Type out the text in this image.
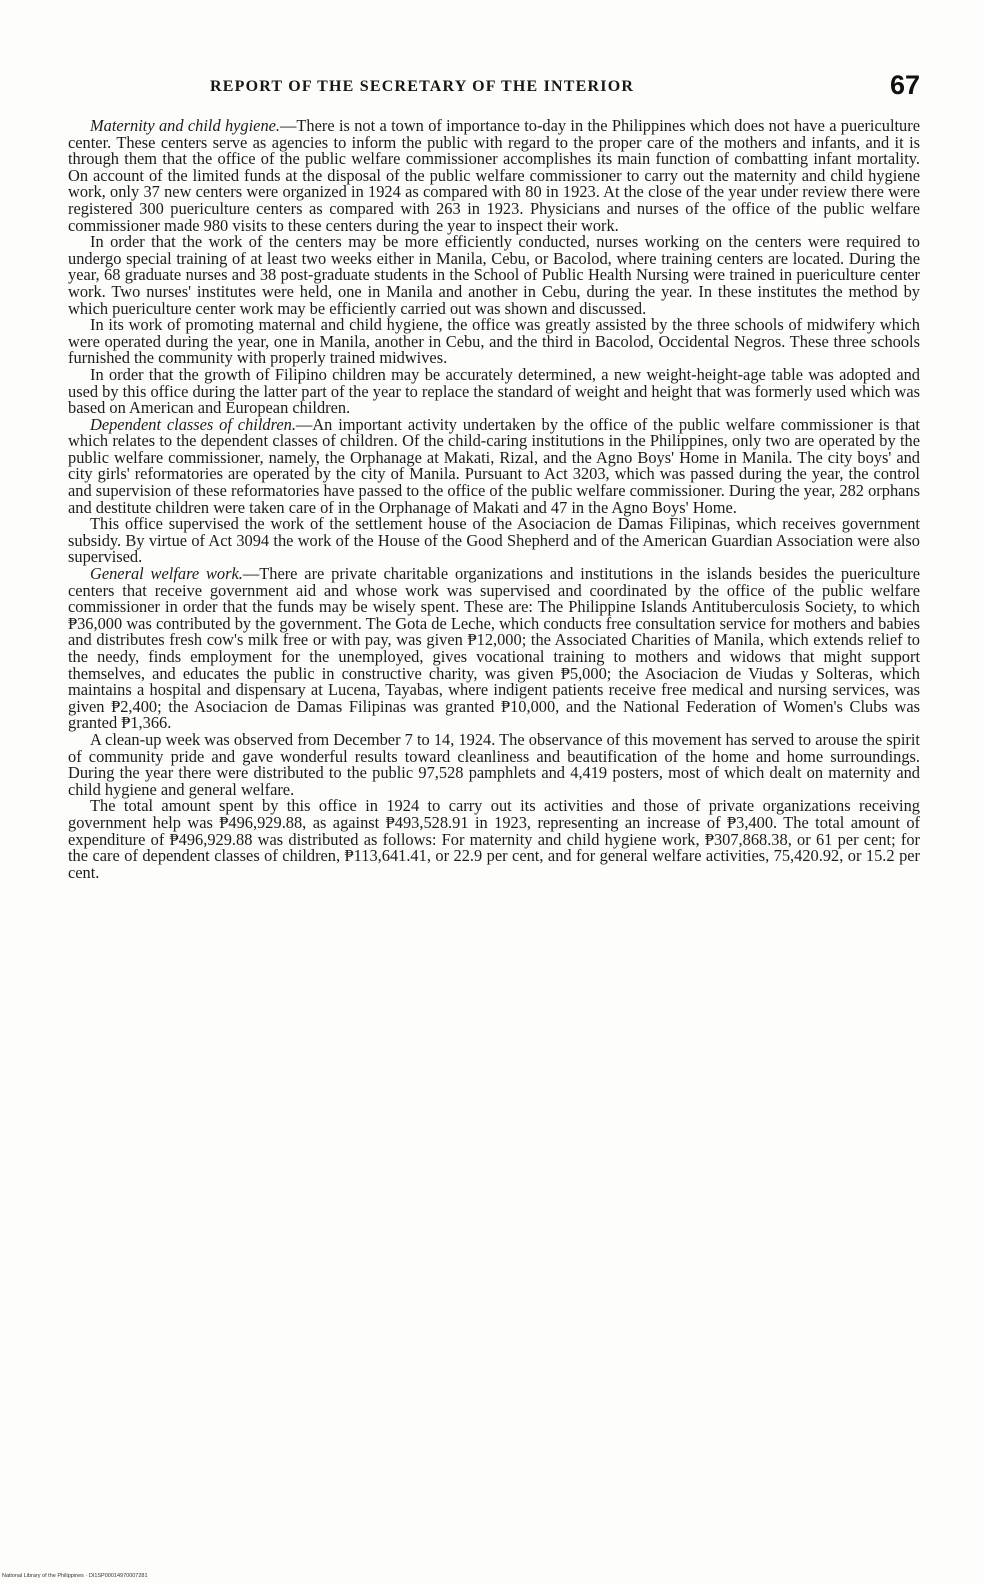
REPORT OF THE SECRETARY OF THE INTERIOR	67

Maternity and child hygiene.—There is not a town of importance to-day in the Philippines which does not have a puericulture center. These centers serve as agencies to inform the public with regard to the proper care of the mothers and infants, and it is through them that the office of the public welfare commissioner accomplishes its main function of combatting infant mortality. On account of the limited funds at the disposal of the public welfare commissioner to carry out the maternity and child hygiene work, only 37 new centers were organized in 1924 as compared with 80 in 1923. At the close of the year under review there were registered 300 puericulture centers as compared with 263 in 1923. Physicians and nurses of the office of the public welfare commissioner made 980 visits to these centers during the year to inspect their work.

In order that the work of the centers may be more efficiently conducted, nurses working on the centers were required to undergo special training of at least two weeks either in Manila, Cebu, or Bacolod, where training centers are located. During the year, 68 graduate nurses and 38 post-graduate students in the School of Public Health Nursing were trained in puericulture center work. Two nurses' institutes were held, one in Manila and another in Cebu, during the year. In these institutes the method by which puericulture center work may be efficiently carried out was shown and discussed.

In its work of promoting maternal and child hygiene, the office was greatly assisted by the three schools of midwifery which were operated during the year, one in Manila, another in Cebu, and the third in Bacolod, Occidental Negros. These three schools furnished the community with properly trained midwives.

In order that the growth of Filipino children may be accurately determined, a new weight-height-age table was adopted and used by this office during the latter part of the year to replace the standard of weight and height that was formerly used which was based on American and European children.

Dependent classes of children.—An important activity undertaken by the office of the public welfare commissioner is that which relates to the dependent classes of children. Of the child-caring institutions in the Philippines, only two are operated by the public welfare commissioner, namely, the Orphanage at Makati, Rizal, and the Agno Boys' Home in Manila. The city boys' and city girls' reformatories are operated by the city of Manila. Pursuant to Act 3203, which was passed during the year, the control and supervision of these reformatories have passed to the office of the public welfare commissioner. During the year, 282 orphans and destitute children were taken care of in the Orphanage of Makati and 47 in the Agno Boys' Home.

This office supervised the work of the settlement house of the Asociacion de Damas Filipinas, which receives government subsidy. By virtue of Act 3094 the work of the House of the Good Shepherd and of the American Guardian Association were also supervised.

General welfare work.—There are private charitable organizations and institutions in the islands besides the puericulture centers that receive government aid and whose work was supervised and coordinated by the office of the public welfare commissioner in order that the funds may be wisely spent. These are: The Philippine Islands Antituberculosis Society, to which ₱36,000 was contributed by the government. The Gota de Leche, which conducts free consultation service for mothers and babies and distributes fresh cow's milk free or with pay, was given ₱12,000; the Associated Charities of Manila, which extends relief to the needy, finds employment for the unemployed, gives vocational training to mothers and widows that might support themselves, and educates the public in constructive charity, was given ₱5,000; the Asociacion de Viudas y Solteras, which maintains a hospital and dispensary at Lucena, Tayabas, where indigent patients receive free medical and nursing services, was given ₱2,400; the Asociacion de Damas Filipinas was granted ₱10,000, and the National Federation of Women's Clubs was granted ₱1,366.

A clean-up week was observed from December 7 to 14, 1924. The observance of this movement has served to arouse the spirit of community pride and gave wonderful results toward cleanliness and beautification of the home and home surroundings. During the year there were distributed to the public 97,528 pamphlets and 4,419 posters, most of which dealt on maternity and child hygiene and general welfare.

The total amount spent by this office in 1924 to carry out its activities and those of private organizations receiving government help was ₱496,929.88, as against ₱493,528.91 in 1923, representing an increase of ₱3,400. The total amount of expenditure of ₱496,929.88 was distributed as follows: For maternity and child hygiene work, ₱307,868.38, or 61 per cent; for the care of dependent classes of children, ₱113,641.41, or 22.9 per cent, and for general welfare activities, 75,420.92, or 15.2 per cent.

National Library of the Philippines · DI1SP00014970007281
